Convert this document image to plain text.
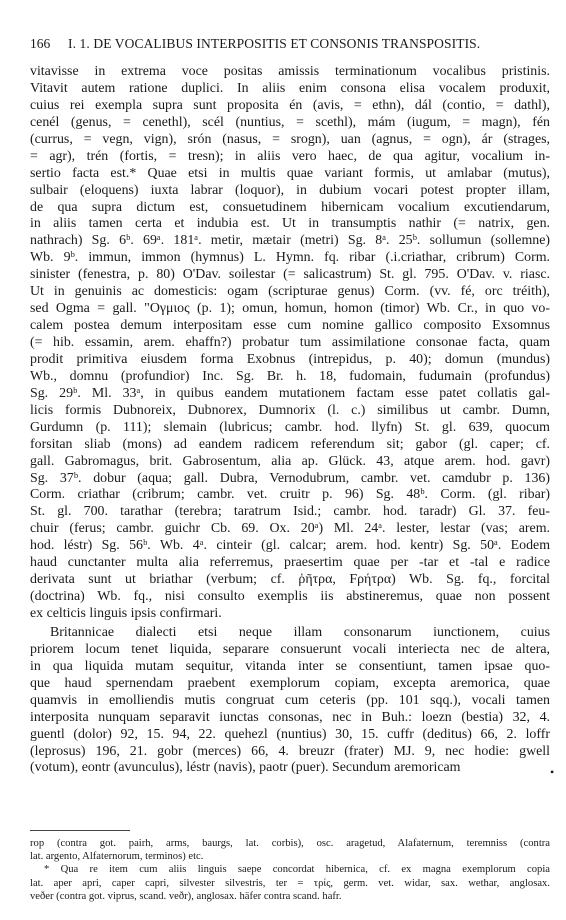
166 I. 1. DE VOCALIBUS INTERPOSITIS ET CONSONIS TRANSPOSITIS.
vitavisse in extrema voce positas amissis terminationum vocalibus pristinis.
Vitavit autem ratione duplici. In aliis enim consona elisa vocalem produxit,
cuius rei exempla supra sunt proposita én (avis, = ethn), dál (contio, = dathl),
cenél (genus, = cenethl), scél (nuntius, = scethl), mám (iugum, = magn), fén
(currus, = vegn, vign), srón (nasus, = srogn), uan (agnus, = ogn), ár (strages,
= agr), trén (fortis, = tresn); in aliis vero haec, de qua agitur, vocalium in-
sertio facta est.* Quae etsi in multis quae variant formis, ut amlabar (mutus),
sulbair (eloquens) iuxta labrar (loquor), in dubium vocari potest propter illam,
de qua supra dictum est, consuetudinem hibernicam vocalium excutiendarum,
in aliis tamen certa et indubia est. Ut in transumptis nathir (= natrix, gen.
nathrach) Sg. 6ᵇ. 69ᵃ. 181ᵃ. metir, mætair (metri) Sg. 8ᵃ. 25ᵇ. sollumun (sollemne)
Wb. 9ᵇ. immun, immon (hymnus) L. Hymn. fq. ribar (.i.criathar, cribrum) Corm.
sinister (fenestra, p. 80) O'Dav. soilestar (= salicastrum) St. gl. 795. O'Dav. v. riasc.
Ut in genuinis ac domesticis: ogam (scripturae genus) Corm. (vv. fé, orc tréith),
sed Ogma = gall. "Ογμιος (p. 1); omun, homun, homon (timor) Wb. Cr., in quo vo-
calem postea demum interpositam esse cum nomine gallico composito Exsomnus
(= hib. essamin, arem. ehaffn?) probatur tum assimilatione consonae facta, quam
prodit primitiva eiusdem forma Exobnus (intrepidus, p. 40); domun (mundus)
Wb., domnu (profundior) Inc. Sg. Br. h. 18, fudomain, fudumain (profundus)
Sg. 29ᵇ. Ml. 33ᵃ, in quibus eandem mutationem factam esse patet collatis gal-
licis formis Dubnoreix, Dubnorex, Dumnorix (l. c.) similibus ut cambr. Dumn,
Gurdumn (p. 111); slemain (lubricus; cambr. hod. llyfn) St. gl. 639, quocum
forsitan sliab (mons) ad eandem radicem referendum sit; gabor (gl. caper; cf.
gall. Gabromagus, brit. Gabrosentum, alia ap. Glück. 43, atque arem. hod. gavr)
Sg. 37ᵇ. dobur (aqua; gall. Dubra, Vernodubrum, cambr. vet. camdubr p. 136)
Corm. criathar (cribrum; cambr. vet. cruitr p. 96) Sg. 48ᵇ. Corm. (gl. ribar)
St. gl. 700. tarathar (terebra; taratrum Isid.; cambr. hod. taradr) Gl. 37. feu-
chuir (ferus; cambr. guichr Cb. 69. Ox. 20ᵃ) Ml. 24ᵃ. lester, lestar (vas; arem.
hod. léstr) Sg. 56ᵇ. Wb. 4ᵃ. cinteir (gl. calcar; arem. hod. kentr) Sg. 50ᵃ. Eodem
haud cunctanter multa alia referremus, praesertim quae per -tar et -tal e radice
derivata sunt ut briathar (verbum; cf. ῥῆτρα, Fρήτρα) Wb. Sg. fq., forcital
(doctrina) Wb. fq., nisi consulto exemplis iis abstineremus, quae non possent
ex celticis linguis ipsis confirmari.
Britannicae dialecti etsi neque illam consonarum iunctionem, cuius
priorem locum tenet liquida, separare consuerunt vocali interiecta nec de altera,
in qua liquida mutam sequitur, vitanda inter se consentiunt, tamen ipsae quo-
que haud spernendam praebent exemplorum copiam, excepta aremorica, quae
quamvis in emolliendis mutis congruat cum ceteris (pp. 101 sqq.), vocali tamen
interposita nunquam separavit iunctas consonas, nec in Buh.: loezn (bestia) 32, 4.
guentl (dolor) 92, 15. 94, 22. quehezl (nuntius) 30, 15. cuffr (deditus) 66, 2. loffr
(leprosus) 196, 21. gobr (merces) 66, 4. breuzr (frater) MJ. 9, nec hodie: gwell
(votum), eontr (avunculus), léstr (navis), paotr (puer). Secundum aremoricam
rop (contra got. pairh, arms, baurgs, lat. corbis), osc. aragetud, Alafaternum, teremniss (contra
lat. argento, Alfaternorum, terminos) etc.
* Qua re item cum aliis linguis saepe concordat hibernica, cf. ex magna exemplorum copia
lat. aper apri, caper capri, silvester silvestris, ter = τρίς, germ. vet. widar, sax. wethar, anglosax.
veðer (contra got. viprus, scand. veðr), anglosax. häfer contra scand. hafr.
•
